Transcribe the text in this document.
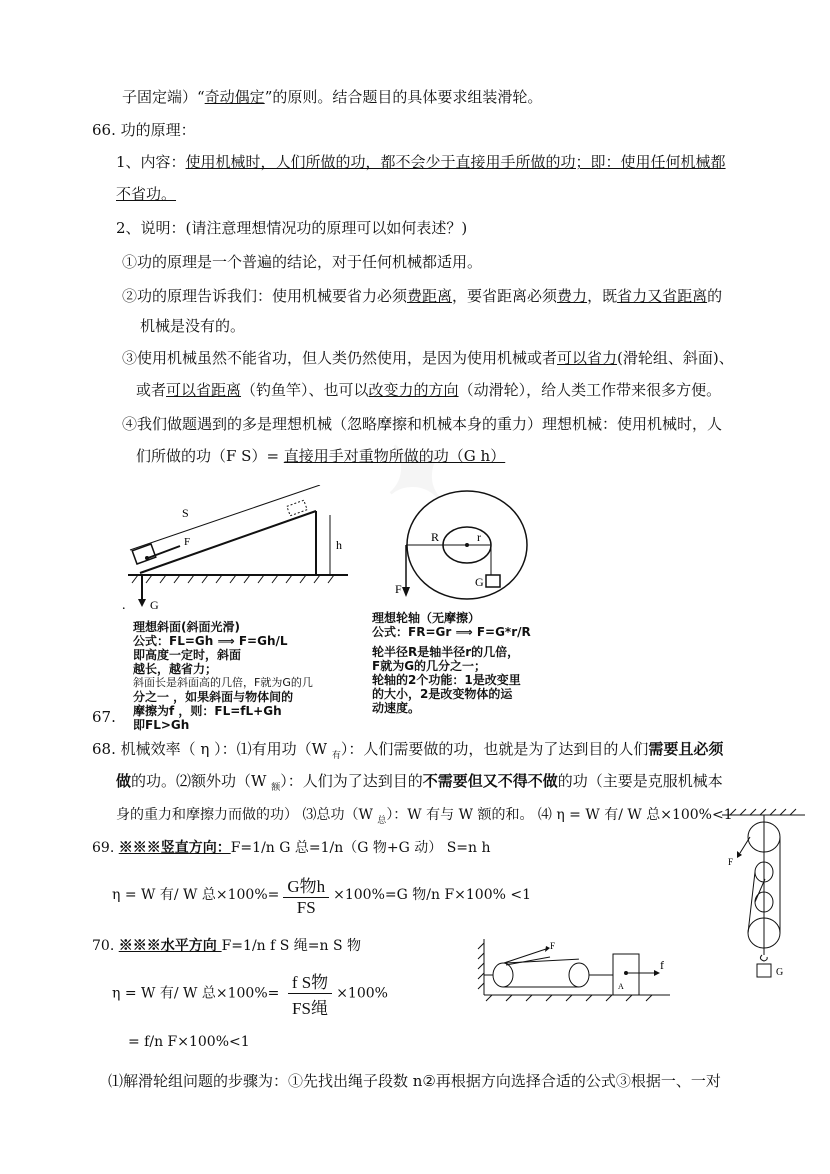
子固定端）“奇动偶定”的原则。结合题目的具体要求组装滑轮。
66. 功的原理：
1、内容：使用机械时，人们所做的功，都不会少于直接用手所做的功；即：使用任何机械都
不省功。
2、说明：(请注意理想情况功的原理可以如何表述？)
①功的原理是一个普遍的结论，对于任何机械都适用。
②功的原理告诉我们：使用机械要省力必须费距离，要省距离必须费力，既省力又省距离的
机械是没有的。
③使用机械虽然不能省功，但人类仍然使用，是因为使用机械或者可以省力(滑轮组、斜面)、
或者可以省距离（钓鱼竿）、也可以改变力的方向（动滑轮），给人类工作带来很多方便。
④我们做题遇到的多是理想机械（忽略摩擦和机械本身的重力）理想机械：使用机械时，人
们所做的功（F S）= 直接用手对重物所做的功（G h）
S
F	h
G
.
理想斜面(斜面光滑)
公式：FL=Gh ⟹ F=Gh/L
即高度一定时，斜面
越长，越省力；
斜面长是斜面高的几倍，F就为G的几
分之一 ，如果斜面与物体间的
摩擦为f ，则：FL=fL+Gh
即FL>Gh
67.
R	r
F	G
理想轮轴（无摩擦）
公式：FR=Gr ⟹ F=G*r/R
轮半径R是轴半径r的几倍，
F就为G的几分之一；
轮轴的2个功能：1是改变里
的大小，2是改变物体的运
动速度。
68. 机械效率（ η ）：⑴有用功（W $_有$）：人们需要做的功，也就是为了达到目的人们需要且必须
做的功。⑵额外功（W $_额$）：人们为了达到目的不需要但又不得不做的功（主要是克服机械本
身的重力和摩擦力而做的功） ⑶总功（W $_总$）：W 有与 W 额的和。 ⑷ η = W 有/ W 总×100%<1
69. ※※※竖直方向：F=1/n G 总=1/n（G 物+G 动） S=n h
η = W 有/ W 总$\times 100\%= \frac{\text{G物h}}{FS} \times 100\%=G$ 物/n F×100% <1
70. ※※※水平方向 F=1/n f S 绳=n S 物
η = W 有/ W 总$\times 100\%= \frac{\text{f S物}}{\text{FS绳}} \times 100\%$
= f/n F×100%<1
⑴解滑轮组问题的步骤为：①先找出绳子段数 n②再根据方向选择合适的公式③根据一、一对
F
f
A
F
G
